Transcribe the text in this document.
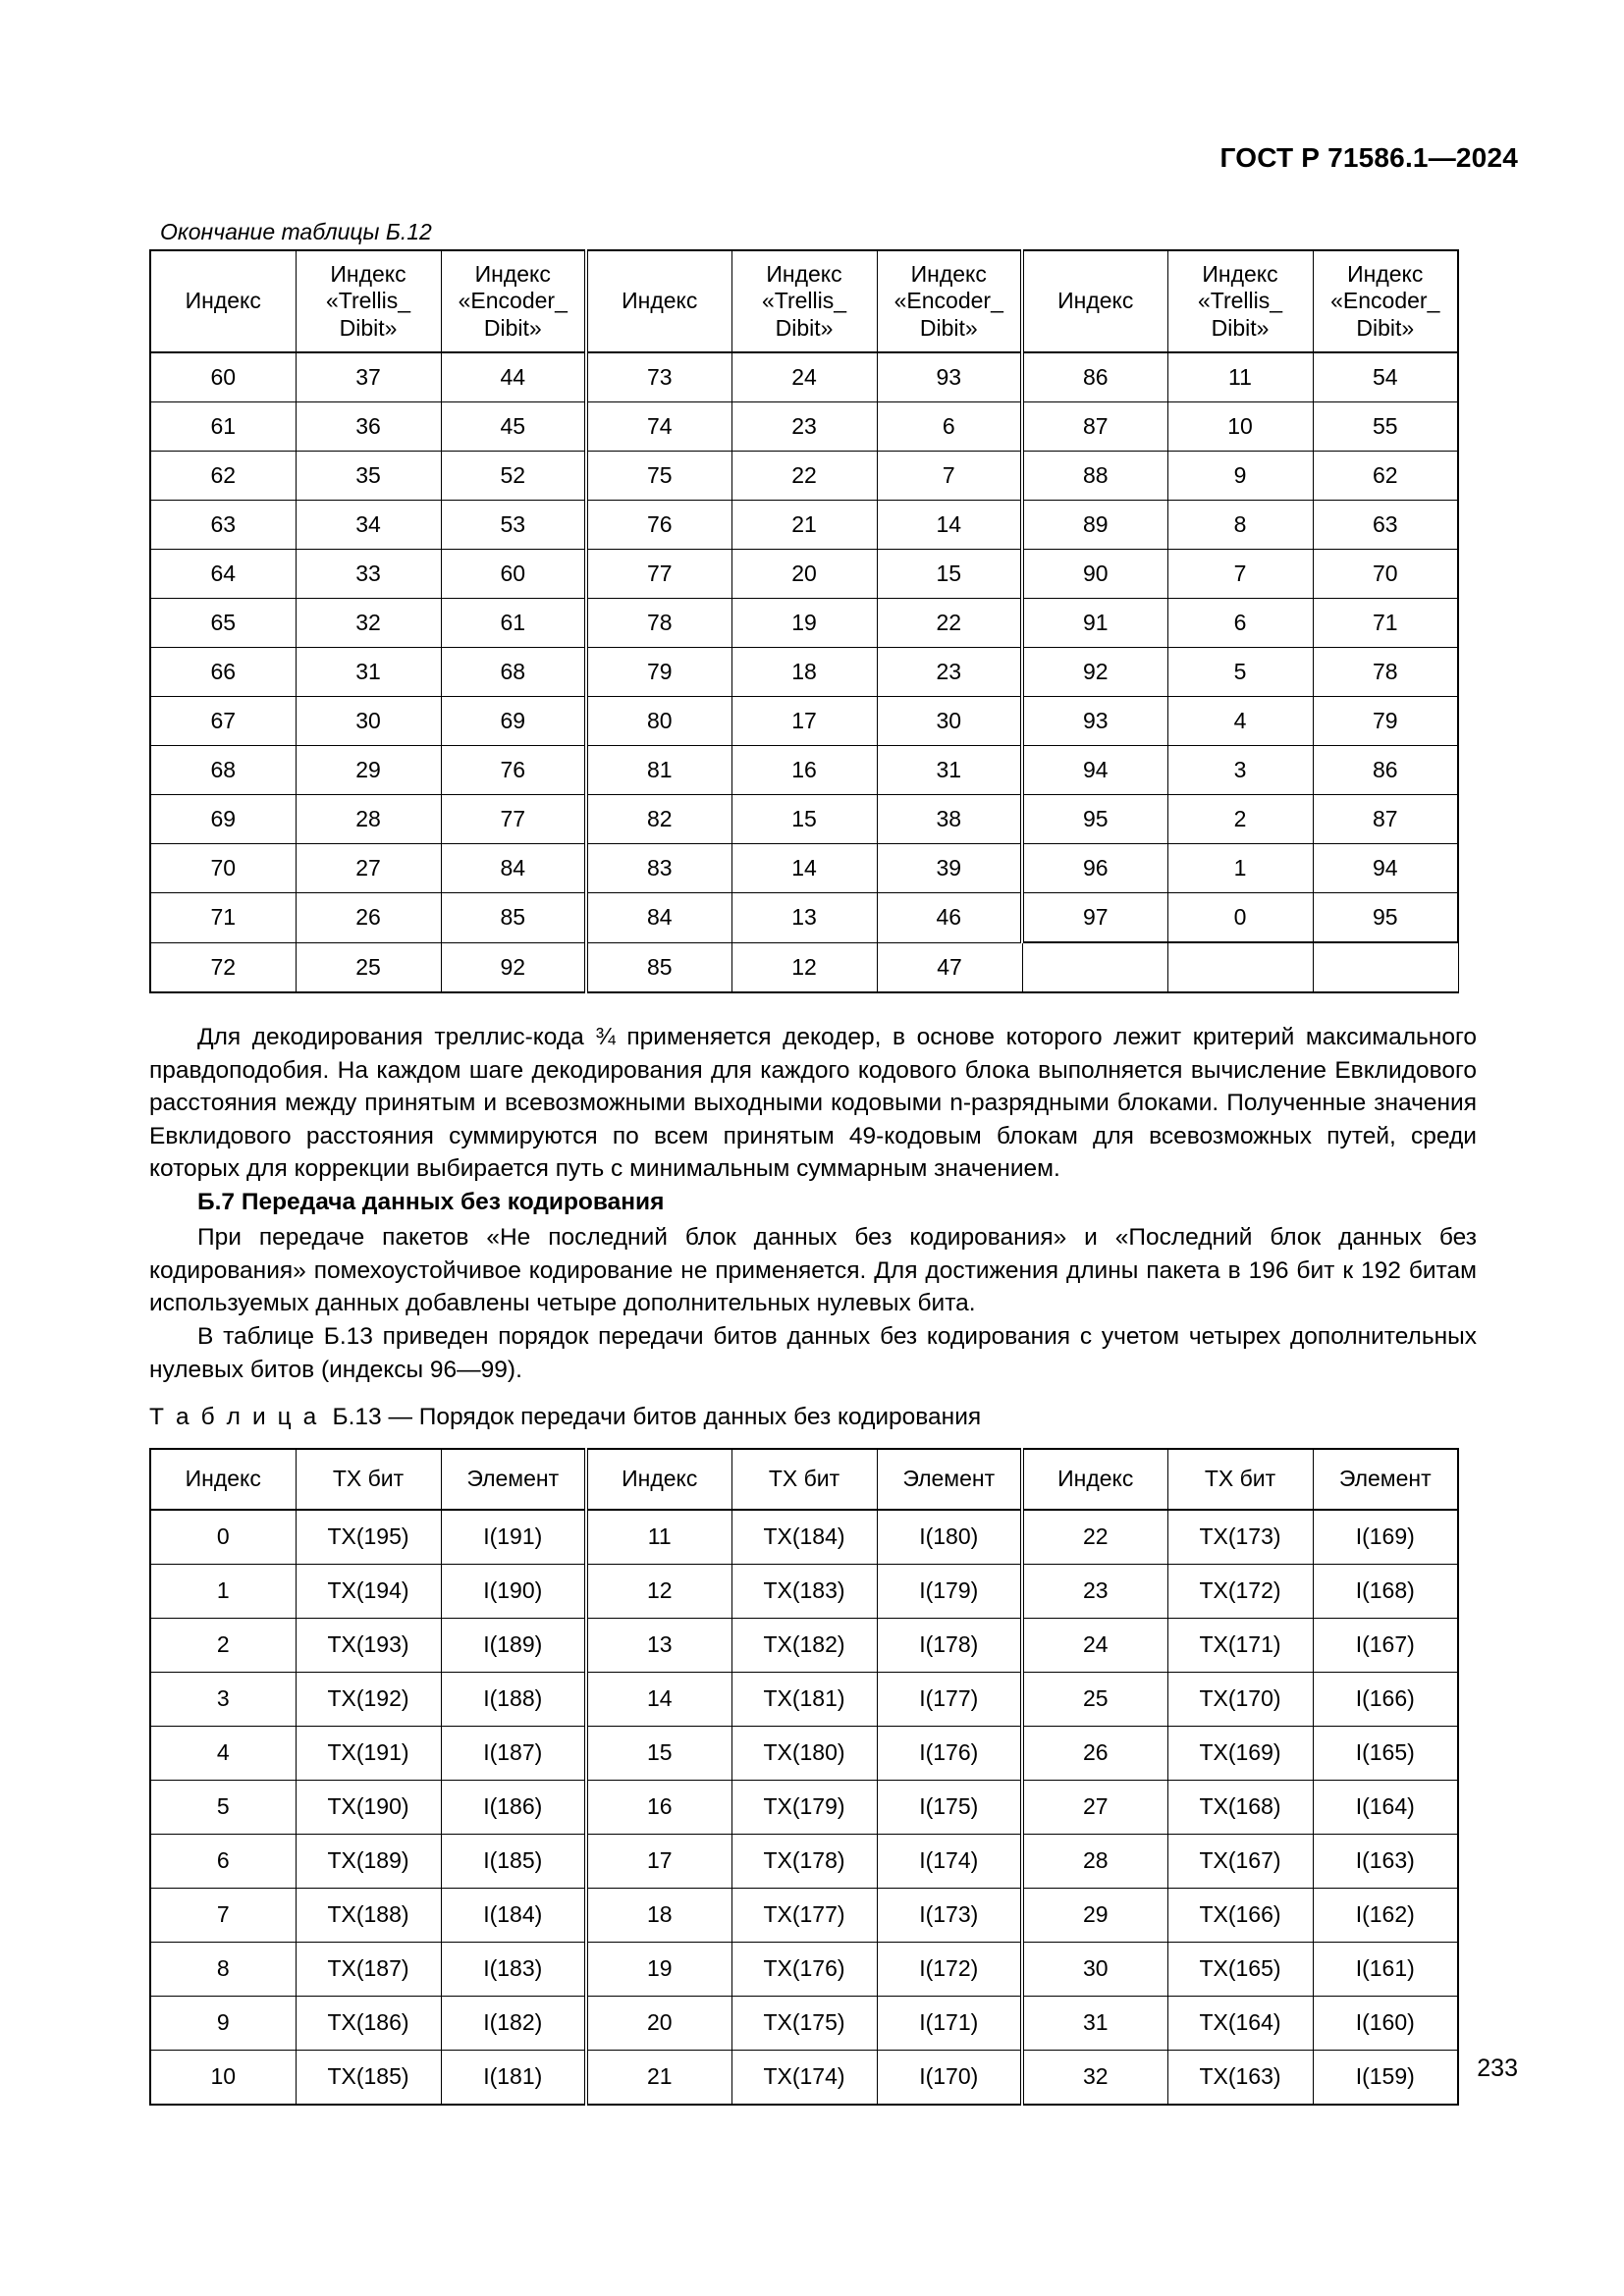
ГОСТ Р 71586.1—2024
Окончание таблицы Б.12
Индекс	Индекс
«Trellis_
Dibit»	Индекс
«Encoder_
Dibit»	Индекс	Индекс
«Trellis_
Dibit»	Индекс
«Encoder_
Dibit»	Индекс	Индекс
«Trellis_
Dibit»	Индекс
«Encoder_
Dibit»
60	37	44	73	24	93	86	11	54
61	36	45	74	23	6	87	10	55
62	35	52	75	22	7	88	9	62
63	34	53	76	21	14	89	8	63
64	33	60	77	20	15	90	7	70
65	32	61	78	19	22	91	6	71
66	31	68	79	18	23	92	5	78
67	30	69	80	17	30	93	4	79
68	29	76	81	16	31	94	3	86
69	28	77	82	15	38	95	2	87
70	27	84	83	14	39	96	1	94
71	26	85	84	13	46	97	0	95
72	25	92	85	12	47			

Для декодирования треллис-кода ¾ применяется декодер, в основе которого лежит критерий максимального правдоподобия. На каждом шаге декодирования для каждого кодового блока выполняется вычисление Евклидового расстояния между принятым и всевозможными выходными кодовыми n-разрядными блоками. Полученные значения Евклидового расстояния суммируются по всем принятым 49-кодовым блокам для всевозможных путей, среди которых для коррекции выбирается путь с минимальным суммарным значением.

Б.7 Передача данных без кодирования

При передаче пакетов «Не последний блок данных без кодирования» и «Последний блок данных без кодирования» помехоустойчивое кодирование не применяется. Для достижения длины пакета в 196 бит к 192 битам используемых данных добавлены четыре дополнительных нулевых бита.

В таблице Б.13 приведен порядок передачи битов данных без кодирования с учетом четырех дополнительных нулевых битов (индексы 96—99).

Т а б л и ц а Б.13 — Порядок передачи битов данных без кодирования
Индекс	TX бит	Элемент	Индекс	TX бит	Элемент	Индекс	TX бит	Элемент
0	TX(195)	I(191)	11	TX(184)	I(180)	22	TX(173)	I(169)
1	TX(194)	I(190)	12	TX(183)	I(179)	23	TX(172)	I(168)
2	TX(193)	I(189)	13	TX(182)	I(178)	24	TX(171)	I(167)
3	TX(192)	I(188)	14	TX(181)	I(177)	25	TX(170)	I(166)
4	TX(191)	I(187)	15	TX(180)	I(176)	26	TX(169)	I(165)
5	TX(190)	I(186)	16	TX(179)	I(175)	27	TX(168)	I(164)
6	TX(189)	I(185)	17	TX(178)	I(174)	28	TX(167)	I(163)
7	TX(188)	I(184)	18	TX(177)	I(173)	29	TX(166)	I(162)
8	TX(187)	I(183)	19	TX(176)	I(172)	30	TX(165)	I(161)
9	TX(186)	I(182)	20	TX(175)	I(171)	31	TX(164)	I(160)
10	TX(185)	I(181)	21	TX(174)	I(170)	32	TX(163)	I(159)	233
